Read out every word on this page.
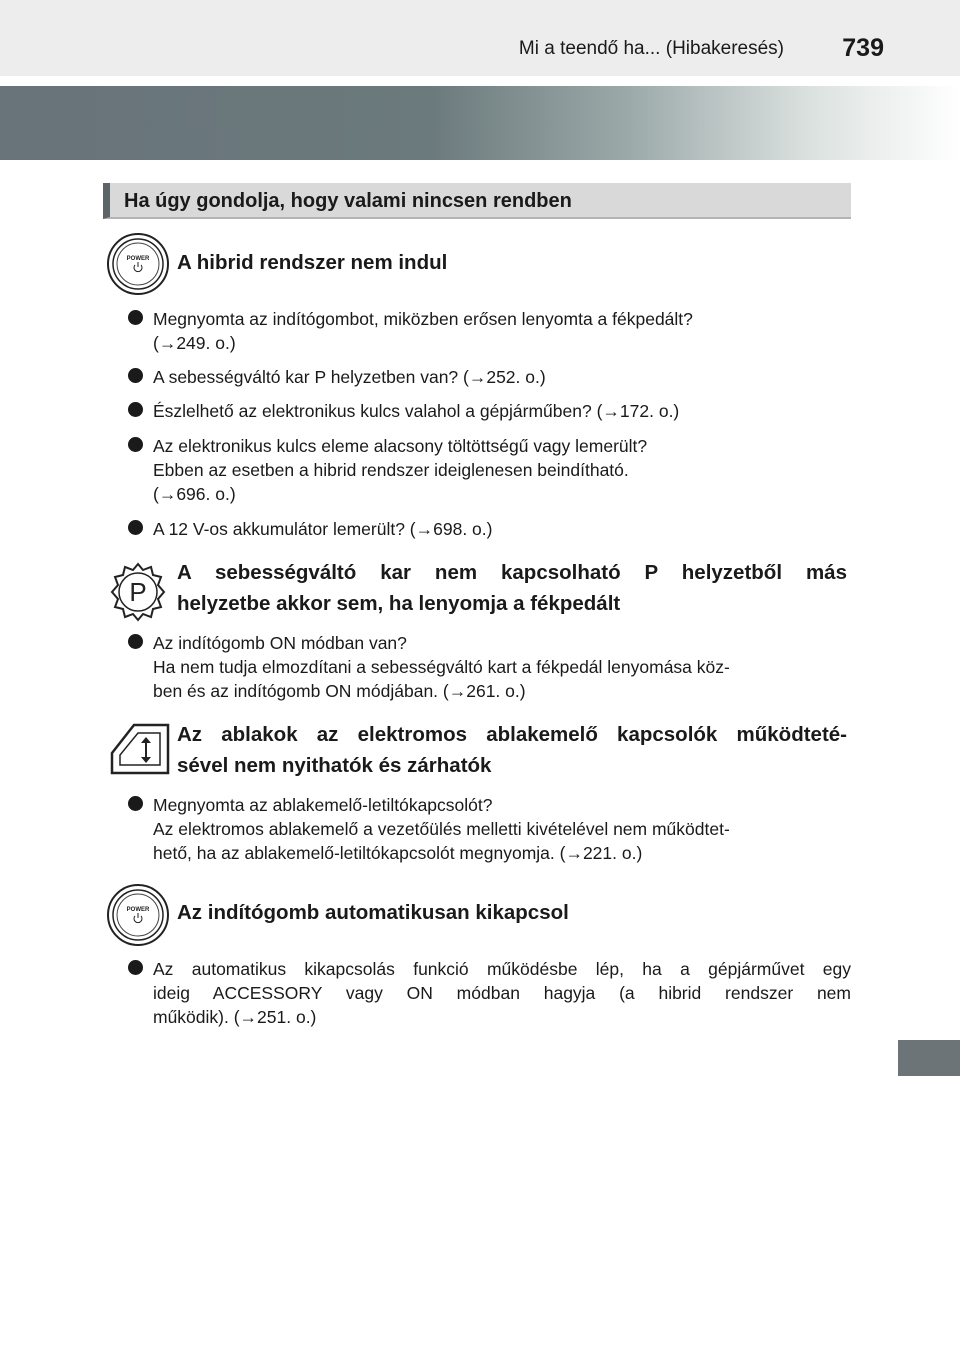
Mi a teendő ha... (Hibakeresés) 739
Ha úgy gondolja, hogy valami nincsen rendben
POWER A hibrid rendszer nem indul
Megnyomta az indítógombot, miközben erősen lenyomta a fékpedált?
(→249. o.)
A sebességváltó kar P helyzetben van? (→252. o.)
Észlelhető az elektronikus kulcs valahol a gépjárműben? (→172. o.)
Az elektronikus kulcs eleme alacsony töltöttségű vagy lemerült?
Ebben az esetben a hibrid rendszer ideiglenesen beindítható.
(→696. o.)
A 12 V-os akkumulátor lemerült? (→698. o.)
P
A sebességváltó kar nem kapcsolható P helyzetből más
helyzetbe akkor sem, ha lenyomja a fékpedált
Az indítógomb ON módban van?
Ha nem tudja elmozdítani a sebességváltó kart a fékpedál lenyomása köz-
ben és az indítógomb ON módjában. (→261. o.)
Az ablakok az elektromos ablakemelő kapcsolók működteté-
sével nem nyithatók és zárhatók
Megnyomta az ablakemelő-letiltókapcsolót?
Az elektromos ablakemelő a vezetőülés melletti kivételével nem működtet-
hető, ha az ablakemelő-letiltókapcsolót megnyomja. (→221. o.)
POWER Az indítógomb automatikusan kikapcsol
Az automatikus kikapcsolás funkció működésbe lép, ha a gépjárművet egy
ideig ACCESSORY vagy ON módban hagyja (a hibrid rendszer nem
működik). (→251. o.)
